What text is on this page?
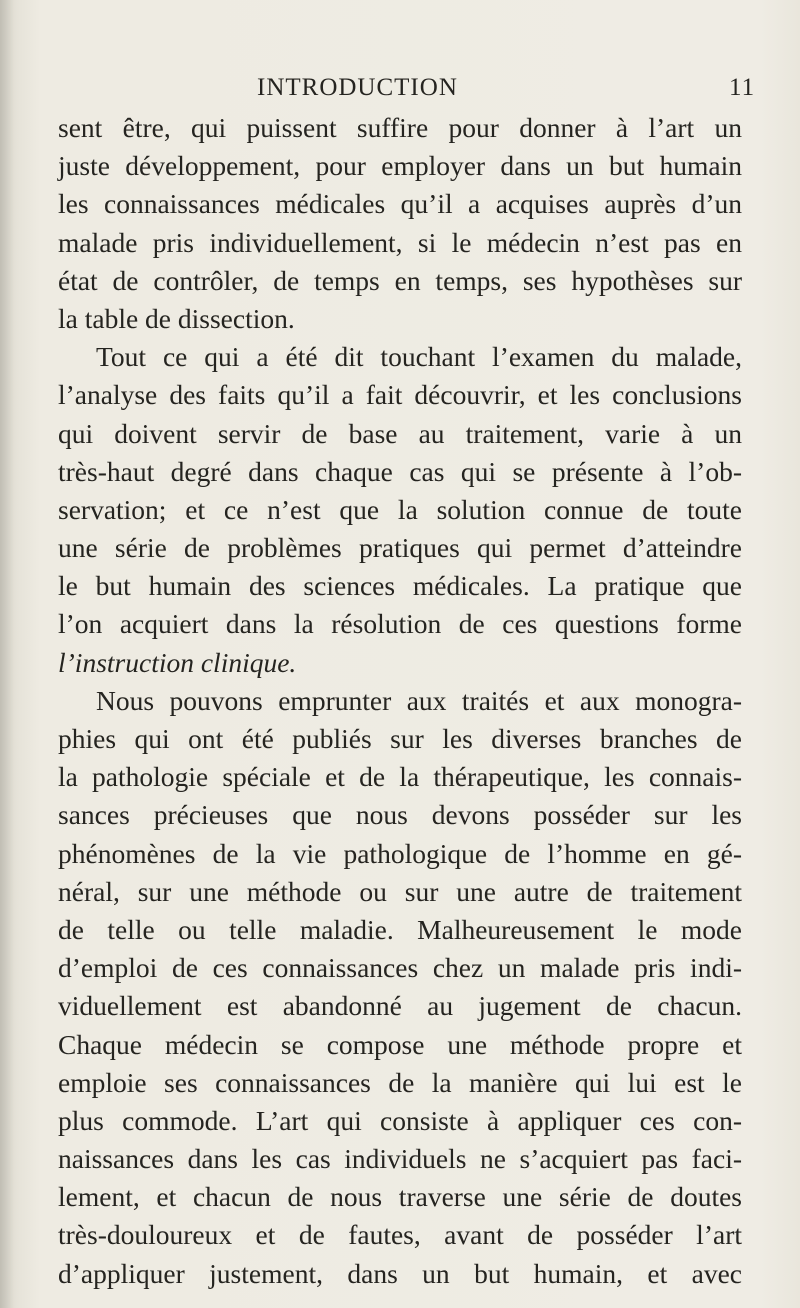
INTRODUCTION	11
sent être, qui puissent suffire pour donner à l’art un
juste développement, pour employer dans un but humain
les connaissances médicales qu’il a acquises auprès d’un
malade pris individuellement, si le médecin n’est pas en
état de contrôler, de temps en temps, ses hypothèses sur
la table de dissection.
Tout ce qui a été dit touchant l’examen du malade,
l’analyse des faits qu’il a fait découvrir, et les conclusions
qui doivent servir de base au traitement, varie à un
très-haut degré dans chaque cas qui se présente à l’ob-
servation; et ce n’est que la solution connue de toute
une série de problèmes pratiques qui permet d’atteindre
le but humain des sciences médicales. La pratique que
l’on acquiert dans la résolution de ces questions forme
l’instruction clinique.
Nous pouvons emprunter aux traités et aux monogra-
phies qui ont été publiés sur les diverses branches de
la pathologie spéciale et de la thérapeutique, les connais-
sances précieuses que nous devons posséder sur les
phénomènes de la vie pathologique de l’homme en gé-
néral, sur une méthode ou sur une autre de traitement
de telle ou telle maladie. Malheureusement le mode
d’emploi de ces connaissances chez un malade pris indi-
viduellement est abandonné au jugement de chacun.
Chaque médecin se compose une méthode propre et
emploie ses connaissances de la manière qui lui est le
plus commode. L’art qui consiste à appliquer ces con-
naissances dans les cas individuels ne s’acquiert pas faci-
lement, et chacun de nous traverse une série de doutes
très-douloureux et de fautes, avant de posséder l’art
d’appliquer justement, dans un but humain, et avec
